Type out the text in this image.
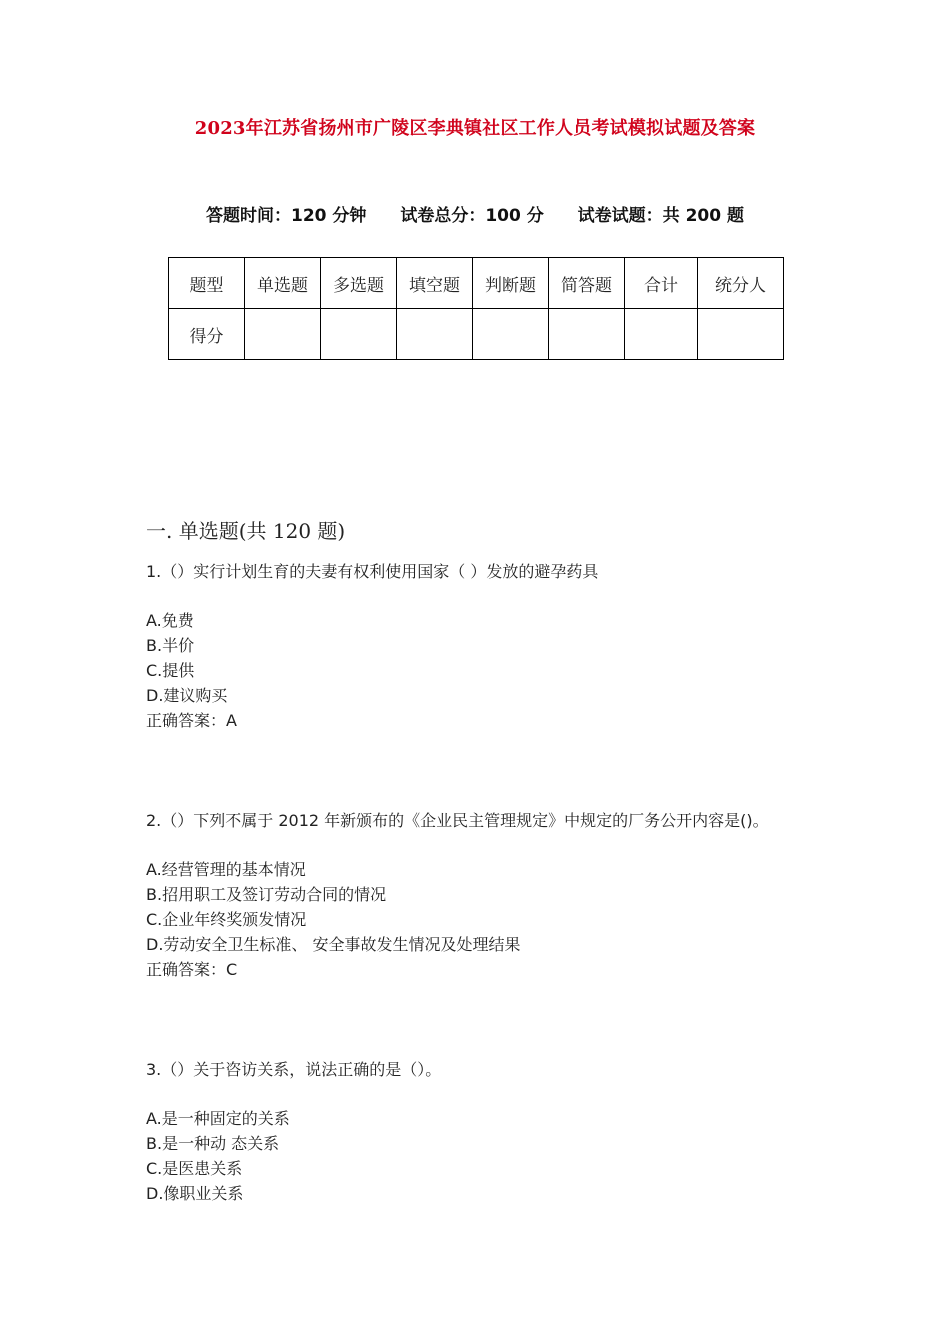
2023年江苏省扬州市广陵区李典镇社区工作人员考试模拟试题及答案
答题时间：120 分钟 试卷总分：100 分 试卷试题：共 200 题
题型	单选题	多选题	填空题	判断题	简答题	合计	统分人
得分							
一. 单选题(共 120 题)
1.（）实行计划生育的夫妻有权利使用国家（ ）发放的避孕药具
A.免费
B.半价
C.提供
D.建议购买
正确答案：A
2.（）下列不属于 2012 年新颁布的《企业民主管理规定》中规定的厂务公开内容是()。
A.经营管理的基本情况
B.招用职工及签订劳动合同的情况
C.企业年终奖颁发情况
D.劳动安全卫生标准、 安全事故发生情况及处理结果
正确答案：C
3.（）关于咨访关系，说法正确的是（）。
A.是一种固定的关系
B.是一种动 态关系
C.是医患关系
D.像职业关系
